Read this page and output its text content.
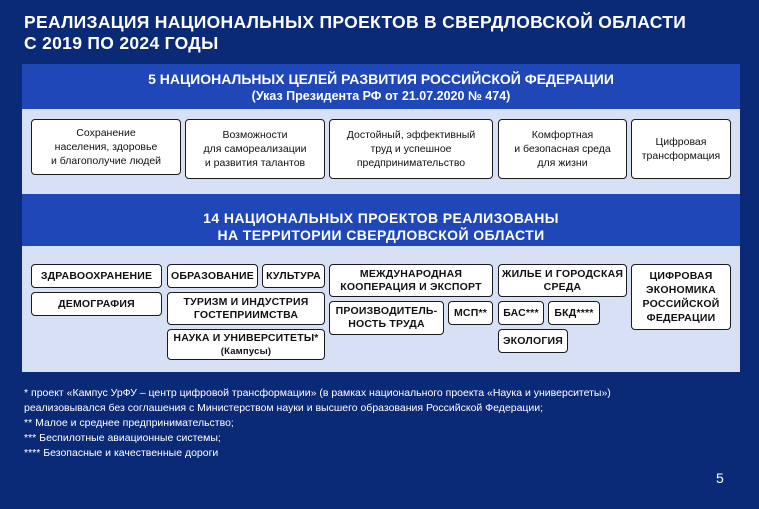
РЕАЛИЗАЦИЯ НАЦИОНАЛЬНЫХ ПРОЕКТОВ В СВЕРДЛОВСКОЙ ОБЛАСТИ
С 2019 ПО 2024 ГОДЫ
5 НАЦИОНАЛЬНЫХ ЦЕЛЕЙ РАЗВИТИЯ РОССИЙСКОЙ ФЕДЕРАЦИИ
(Указ Президента РФ от 21.07.2020 № 474)
Сохранение
населения, здоровье
и благополучие людей
Возможности
для самореализации
и развития талантов
Достойный, эффективный
труд и успешное
предпринимательство
Комфортная
и безопасная среда
для жизни
Цифровая
трансформация
14 НАЦИОНАЛЬНЫХ ПРОЕКТОВ РЕАЛИЗОВАНЫ
НА ТЕРРИТОРИИ СВЕРДЛОВСКОЙ ОБЛАСТИ
ЗДРАВООХРАНЕНИЕ
ДЕМОГРАФИЯ
ОБРАЗОВАНИЕ	КУЛЬТУРА
ТУРИЗМ И ИНДУСТРИЯ
ГОСТЕПРИИМСТВА
НАУКА И УНИВЕРСИТЕТЫ*
(Кампусы)
МЕЖДУНАРОДНАЯ
КООПЕРАЦИЯ И ЭКСПОРТ
ПРОИЗВОДИТЕЛЬ-
НОСТЬ ТРУДА
МСП**
ЖИЛЬЕ И ГОРОДСКАЯ
СРЕДА
БАС***	БКД****
ЭКОЛОГИЯ
ЦИФРОВАЯ
ЭКОНОМИКА
РОССИЙСКОЙ
ФЕДЕРАЦИИ
* проект «Кампус УрФУ – центр цифровой трансформации» (в рамках национального проекта «Наука и университеты»)
реализовывался без соглашения с Министерством науки и высшего образования Российской Федерации;
** Малое и среднее предпринимательство;
*** Беспилотные авиационные системы;
**** Безопасные и качественные дороги
5
